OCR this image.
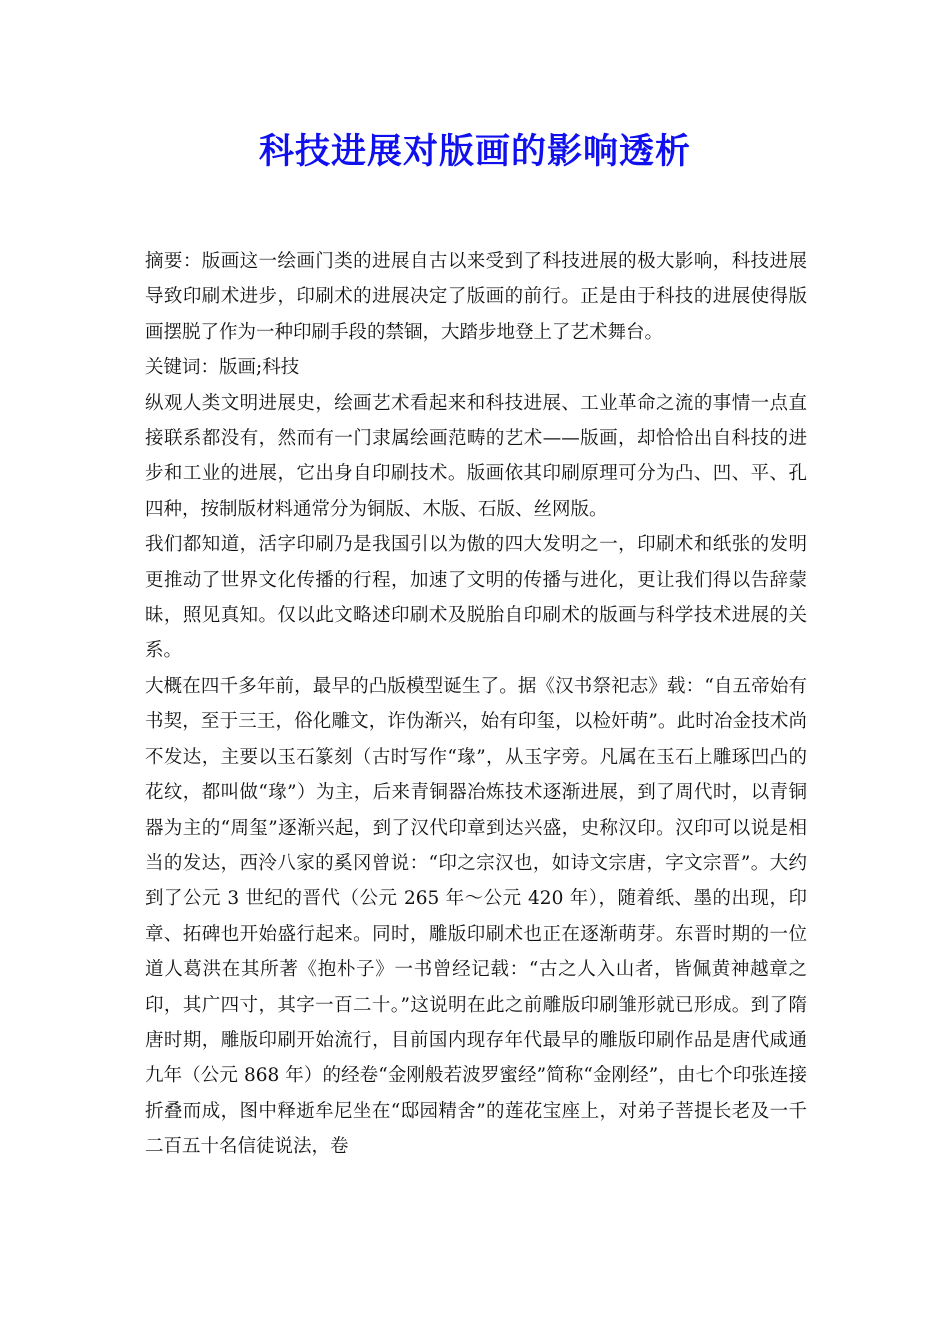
科技进展对版画的影响透析

摘要：版画这一绘画门类的进展自古以来受到了科技进展的极大影响，科技进展导致印刷术进步，印刷术的进展决定了版画的前行。正是由于科技的进展使得版画摆脱了作为一种印刷手段的禁锢，大踏步地登上了艺术舞台。

关键词：版画;科技

纵观人类文明进展史，绘画艺术看起来和科技进展、工业革命之流的事情一点直接联系都没有，然而有一门隶属绘画范畴的艺术——版画，却恰恰出自科技的进步和工业的进展，它出身自印刷技术。版画依其印刷原理可分为凸、凹、平、孔四种，按制版材料通常分为铜版、木版、石版、丝网版。

我们都知道，活字印刷乃是我国引以为傲的四大发明之一，印刷术和纸张的发明更推动了世界文化传播的行程，加速了文明的传播与进化，更让我们得以告辞蒙昧，照见真知。仅以此文略述印刷术及脱胎自印刷术的版画与科学技术进展的关系。

大概在四千多年前，最早的凸版模型诞生了。据《汉书祭祀志》载：“自五帝始有书契，至于三王，俗化雕文，诈伪渐兴，始有印玺，以检奸萌”。此时冶金技术尚不发达，主要以玉石篆刻（古时写作“瑑”，从玉字旁。凡属在玉石上雕琢凹凸的花纹，都叫做“瑑”）为主，后来青铜器冶炼技术逐渐进展，到了周代时，以青铜器为主的“周玺”逐渐兴起，到了汉代印章到达兴盛，史称汉印。汉印可以说是相当的发达，西泠八家的奚冈曾说：“印之宗汉也，如诗文宗唐，字文宗晋”。大约到了公元 3 世纪的晋代（公元 265 年～公元 420 年），随着纸、墨的出现，印章、拓碑也开始盛行起来。同时，雕版印刷术也正在逐渐萌芽。东晋时期的一位道人葛洪在其所著《抱朴子》一书曾经记载：“古之人入山者，皆佩黄神越章之印，其广四寸，其字一百二十。”这说明在此之前雕版印刷雏形就已形成。到了隋唐时期，雕版印刷开始流行，目前国内现存年代最早的雕版印刷作品是唐代咸通九年（公元 868 年）的经卷“金刚般若波罗蜜经”简称“金刚经”，由七个印张连接折叠而成，图中释逝牟尼坐在“邸园精舍”的莲花宝座上，对弟子菩提长老及一千二百五十名信徒说法，卷
